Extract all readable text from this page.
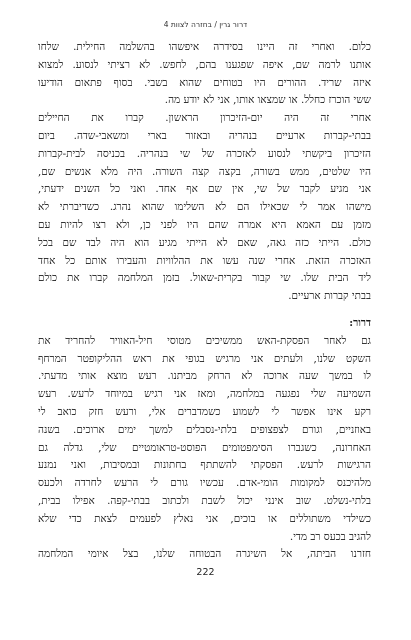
דרור גרין / בחזרה לצוות 4
כלום. ואחרי זה היינו בסידרה איפשהו בהשלמה החילית. שלחו
אותנו לרמה שם, איפה שפגענו בהם, לחפש. לא רציתי לנסוע. למצוא
איזה שריד. ההורים היו בטוחים שהוא בשבי. בסוף פתאום הודיעו
ששי הוכרז כחלל. או שמצאו אותו, אני לא יודע מה.
אחרי זה היה יום-הזיכרון הראשון. קברו את החיילים
בבתי-קברות ארעיים בנהריה ובאזור בארי ומשאבי-שדה. ביום
הזיכרון ביקשתי לנסוע לאזכרה של שי בנהריה. בכניסה לבית-קברות
היו שלטים, ממש בשורה, בקצה קצה השורה. היה מלא אנשים שם,
אני מגיע לקבר של שי, אין שם אף אחד. ואני כל השנים ידעתי,
מישהו אמר לי שכאילו הם לא השלימו שהוא נהרג. כשדיברתי לא
מזמן עם האמא היא אמרה שהם היו לפני כן, ולא רצו להיות עם
כולם. הייתי כזה גאה, שאם לא הייתי מגיע הוא היה לבד שם בכל
האזכרה הזאת. אחרי שנה עשו את ההלוויות והעבירו אותם כל אחד
ליד הבית שלו. שי קבור בקרית-שאול. בזמן המלחמה קברו את כולם
בבתי קברות ארעיים.
דרור:
גם לאחר הפסקת-האש ממשיכים מטוסי חיל-האוויר להחריד את
השקט שלנו, ולעתים אני מרגיש בגופי את ראש ההליקופטר המרחף
לו במשך שעה ארוכה לא הרחק מביתנו. רעש מוצא אותי מדעתי.
השמיעה שלי נפגעה במלחמה, ומאז אני רגיש במיוחד לרעש. רעש
רקע אינו אפשר לי לשמוע כשמדברים אלי, ורעש חזק כואב לי
באוזניים, וגורם לצפצופים בלתי-נסבלים למשך ימים ארוכים. בשנה
האחרונה, כשגברו הסימפטומים הפוסט-טראומטיים שלי, גדלה גם
הרגישות לרעש. הפסקתי להשתתף בחתונות ובמסיבות, ואני נמנע
מלהיכנס למקומות הומי-אדם. עכשיו גורם לי הרעש לחרדה ולכעס
בלתי-נשלט. שוב אינני יכול לשבת ולכתוב בבתי-קפה. אפילו בבית,
כשילדי משתוללים או בוכים, אני נאלץ לפעמים לצאת כדי שלא
להגיב בכעס רב מדי.
חזרנו הביתה, אל השיגרה הבטוחה שלנו, בצל איומי המלחמה
222
